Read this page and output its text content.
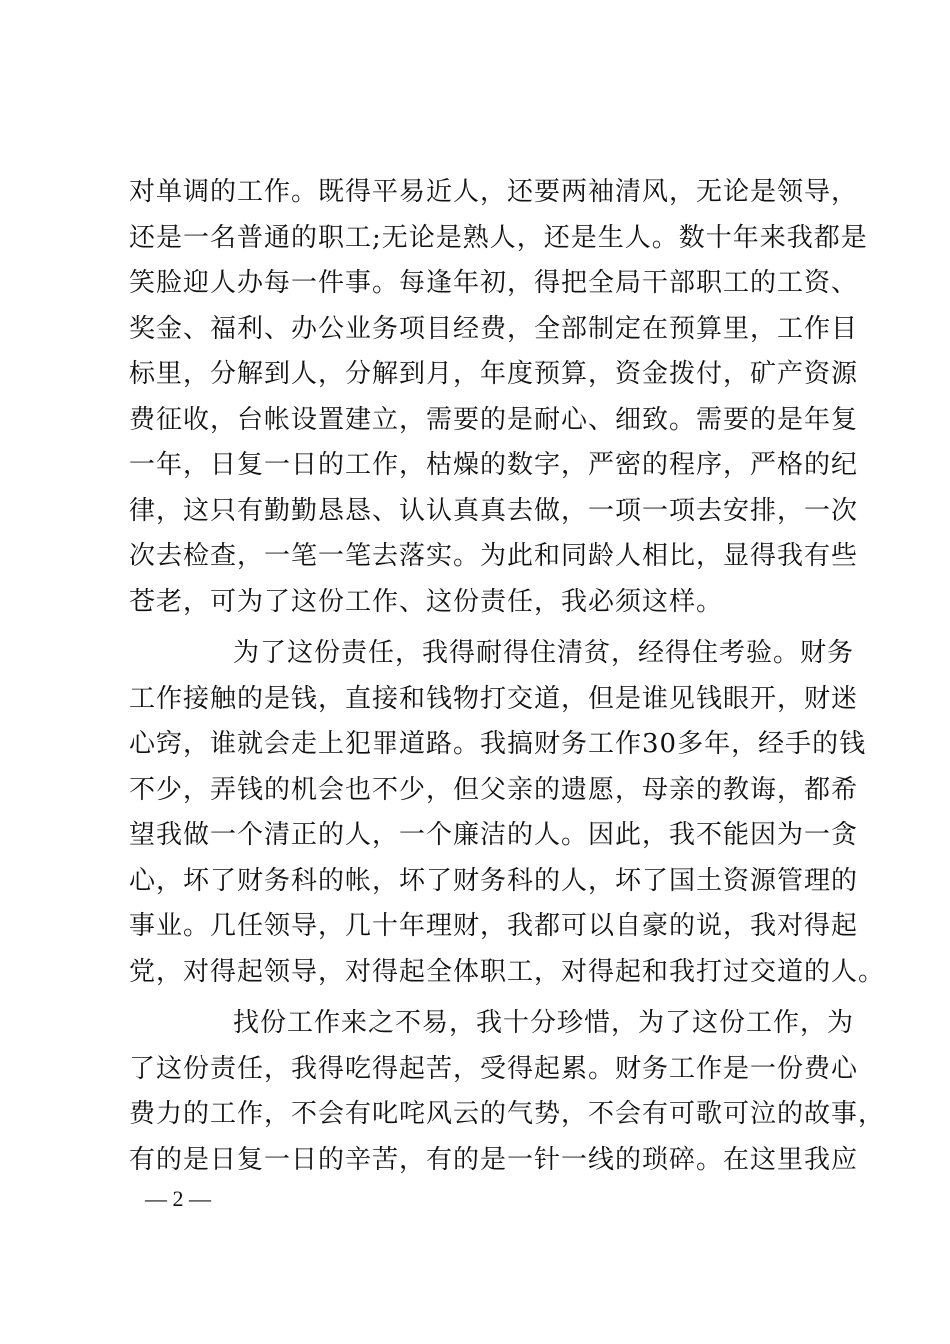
对单调的工作。既得平易近人，还要两袖清风，无论是领导，
还是一名普通的职工;无论是熟人，还是生人。数十年来我都是
笑脸迎人办每一件事。每逢年初，得把全局干部职工的工资、
奖金、福利、办公业务项目经费，全部制定在预算里，工作目
标里，分解到人，分解到月，年度预算，资金拨付，矿产资源
费征收，台帐设置建立，需要的是耐心、细致。需要的是年复
一年，日复一日的工作，枯燥的数字，严密的程序，严格的纪
律，这只有勤勤恳恳、认认真真去做，一项一项去安排，一次
次去检查，一笔一笔去落实。为此和同龄人相比，显得我有些
苍老，可为了这份工作、这份责任，我必须这样。
为了这份责任，我得耐得住清贫，经得住考验。财务
工作接触的是钱，直接和钱物打交道，但是谁见钱眼开，财迷
心窍，谁就会走上犯罪道路。我搞财务工作30多年，经手的钱
不少，弄钱的机会也不少，但父亲的遗愿，母亲的教诲，都希
望我做一个清正的人，一个廉洁的人。因此，我不能因为一贪
心，坏了财务科的帐，坏了财务科的人，坏了国土资源管理的
事业。几任领导，几十年理财，我都可以自豪的说，我对得起
党，对得起领导，对得起全体职工，对得起和我打过交道的人。
找份工作来之不易，我十分珍惜，为了这份工作，为
了这份责任，我得吃得起苦，受得起累。财务工作是一份费心
费力的工作，不会有叱咤风云的气势，不会有可歌可泣的故事，
有的是日复一日的辛苦，有的是一针一线的琐碎。在这里我应
— 2 —
